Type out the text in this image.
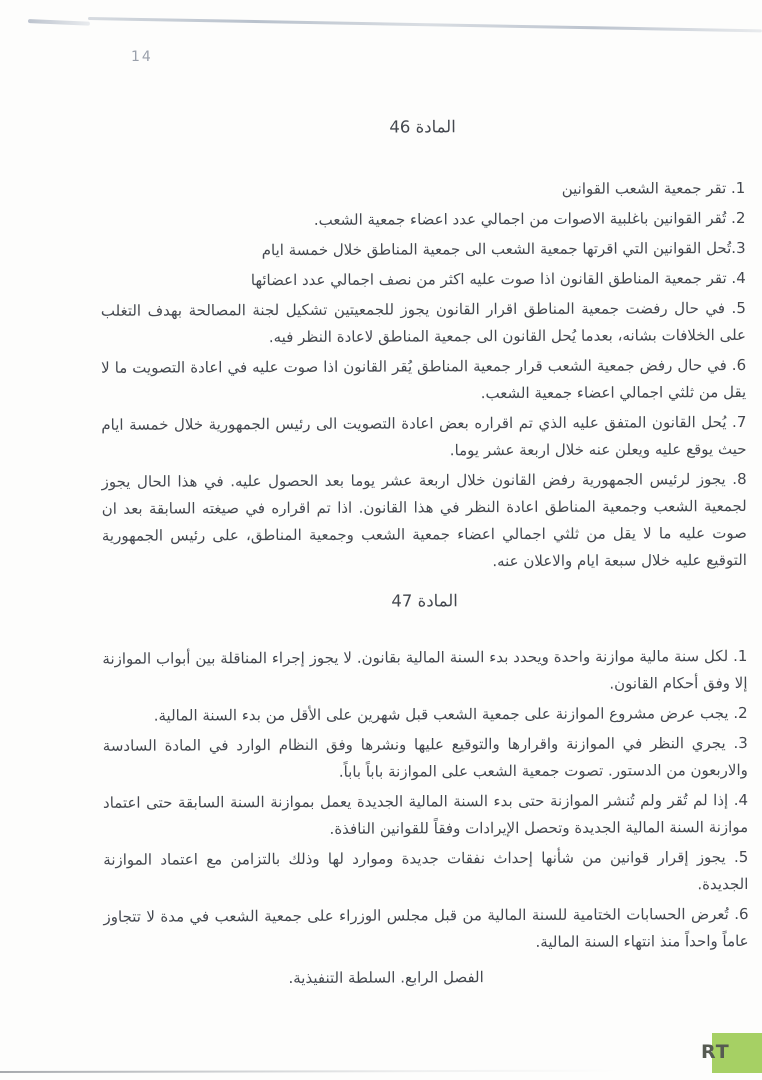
14
المادة 46
1. تقر جمعية الشعب القوانين
2. تُقر القوانين باغلبية الاصوات من اجمالي عدد اعضاء جمعية الشعب.
3.تُحل القوانين التي اقرتها جمعية الشعب الى جمعية المناطق خلال خمسة ايام
4. تقر جمعية المناطق القانون اذا صوت عليه اكثر من نصف اجمالي عدد اعضائها
5. في حال رفضت جمعية المناطق اقرار القانون يجوز للجمعيتين تشكيل لجنة المصالحة بهدف التغلب على الخلافات بشانه، بعدما يُحل القانون الى جمعية المناطق لاعادة النظر فيه.
6. في حال رفض جمعية الشعب قرار جمعية المناطق يُقر القانون اذا صوت عليه في اعادة التصويت ما لا يقل من ثلثي اجمالي اعضاء جمعية الشعب.
7. يُحل القانون المتفق عليه الذي تم اقراره بعض اعادة التصويت الى رئيس الجمهورية خلال خمسة ايام حيث يوقع عليه ويعلن عنه خلال اربعة عشر يوما.
8. يجوز لرئيس الجمهورية رفض القانون خلال اربعة عشر يوما بعد الحصول عليه. في هذا الحال يجوز لجمعية الشعب وجمعية المناطق اعادة النظر في هذا القانون. اذا تم اقراره في صيغته السابقة بعد ان صوت عليه ما لا يقل من ثلثي اجمالي اعضاء جمعية الشعب وجمعية المناطق، على رئيس الجمهورية التوقيع عليه خلال سبعة ايام والاعلان عنه.
المادة 47
1. لكل سنة مالية موازنة واحدة ويحدد بدء السنة المالية بقانون. لا يجوز إجراء المناقلة بين أبواب الموازنة إلا وفق أحكام القانون.
2. يجب عرض مشروع الموازنة على جمعية الشعب قبل شهرين على الأقل من بدء السنة المالية.
3. يجري النظر في الموازنة واقرارها والتوقيع عليها ونشرها وفق النظام الوارد في المادة السادسة والاربعون من الدستور. تصوت جمعية الشعب على الموازنة باباً باباً.
4. إذا لم تُقر ولم تُنشر الموازنة حتى بدء السنة المالية الجديدة يعمل بموازنة السنة السابقة حتى اعتماد موازنة السنة المالية الجديدة وتحصل الإيرادات وفقاً للقوانين النافذة.
5. يجوز إقرار قوانين من شأنها إحداث نفقات جديدة وموارد لها وذلك بالتزامن مع اعتماد الموازنة الجديدة.
6. تُعرض الحسابات الختامية للسنة المالية من قبل مجلس الوزراء على جمعية الشعب في مدة لا تتجاوز عاماً واحداً منذ انتهاء السنة المالية.
الفصل الرابع. السلطة التنفيذية.
RT
